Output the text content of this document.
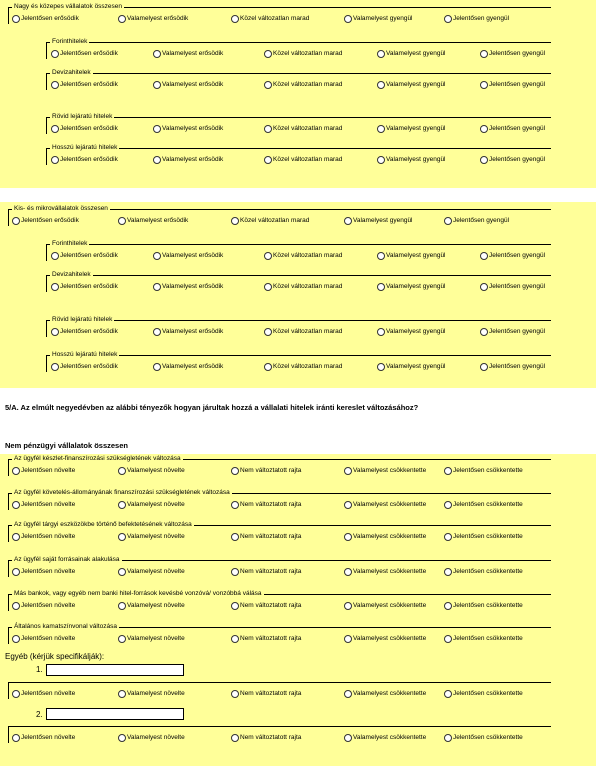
5/A. Az elmúlt negyedévben az alábbi tényezők hogyan járultak hozzá a vállalati hitelek iránti kereslet változásához?
Nem pénzügyi vállalatok összesen
Egyéb (kérjük specifikálják):
1.
2.
Nagy és közepes vállalatok összesen
Jelentősen erősödik	Valamelyest erősödik	Közel változatlan marad	Valamelyest gyengül	Jelentősen gyengül
Forinthitelek
Jelentősen erősödik	Valamelyest erősödik	Közel változatlan marad	Valamelyest gyengül	Jelentősen gyengül
Devizahitelek
Jelentősen erősödik	Valamelyest erősödik	Közel változatlan marad	Valamelyest gyengül	Jelentősen gyengül
Rövid lejáratú hitelek
Jelentősen erősödik	Valamelyest erősödik	Közel változatlan marad	Valamelyest gyengül	Jelentősen gyengül
Hosszú lejáratú hitelek
Jelentősen erősödik	Valamelyest erősödik	Közel változatlan marad	Valamelyest gyengül	Jelentősen gyengül
Kis- és mikrovállalatok összesen
Jelentősen erősödik	Valamelyest erősödik	Közel változatlan marad	Valamelyest gyengül	Jelentősen gyengül
Forinthitelek
Jelentősen erősödik	Valamelyest erősödik	Közel változatlan marad	Valamelyest gyengül	Jelentősen gyengül
Devizahitelek
Jelentősen erősödik	Valamelyest erősödik	Közel változatlan marad	Valamelyest gyengül	Jelentősen gyengül
Rövid lejáratú hitelek
Jelentősen erősödik	Valamelyest erősödik	Közel változatlan marad	Valamelyest gyengül	Jelentősen gyengül
Hosszú lejáratú hitelek
Jelentősen erősödik	Valamelyest erősödik	Közel változatlan marad	Valamelyest gyengül	Jelentősen gyengül
Az ügyfél készlet-finanszírozási szükségletének változása
Jelentősen növelte	Valamelyest növelte	Nem változtatott rajta	Valamelyest csökkentette	Jelentősen csökkentette
Az ügyfél követelés-állományának finanszírozási szükségletének változása
Jelentősen növelte	Valamelyest növelte	Nem változtatott rajta	Valamelyest csökkentette	Jelentősen csökkentette
Az ügyfél tárgyi eszközökbe történő befektetésének változása
Jelentősen növelte	Valamelyest növelte	Nem változtatott rajta	Valamelyest csökkentette	Jelentősen csökkentette
Az ügyfél saját forrásainak alakulása
Jelentősen növelte	Valamelyest növelte	Nem változtatott rajta	Valamelyest csökkentette	Jelentősen csökkentette
Más bankok, vagy egyéb nem banki hitel-források kevésbé vonzóvá/ vonzóbbá válása
Jelentősen növelte	Valamelyest növelte	Nem változtatott rajta	Valamelyest csökkentette	Jelentősen csökkentette
Általános kamatszínvonal változása
Jelentősen növelte	Valamelyest növelte	Nem változtatott rajta	Valamelyest csökkentette	Jelentősen csökkentette
Jelentősen növelte	Valamelyest növelte	Nem változtatott rajta	Valamelyest csökkentette	Jelentősen csökkentette
Jelentősen növelte	Valamelyest növelte	Nem változtatott rajta	Valamelyest csökkentette	Jelentősen csökkentette
